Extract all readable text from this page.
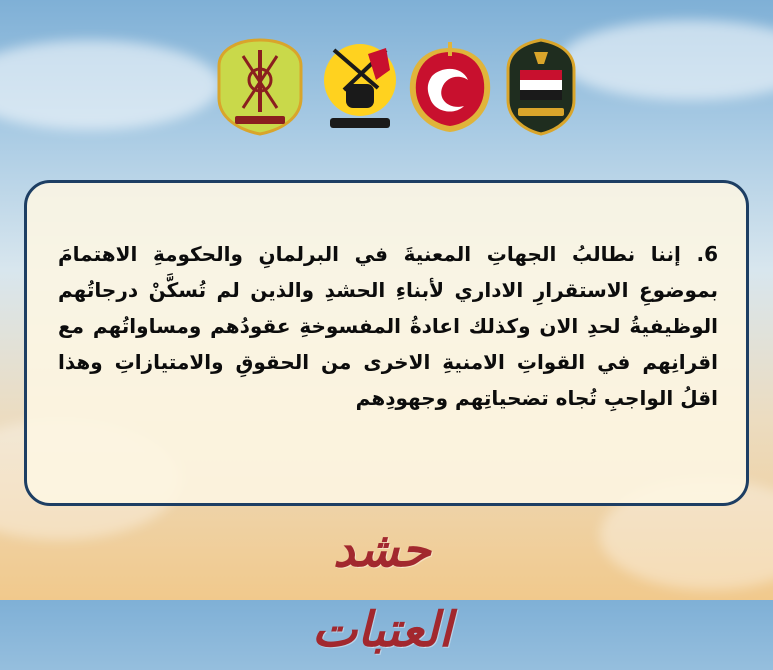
6. إننا نطالبُ الجهاتِ المعنيةَ في البرلمانِ والحكومةِ الاهتمامَ بموضوعِ الاستقرارِ الاداري لأبناءِ الحشدِ والذين لم تُسكَّنْ درجاتُهم الوظيفيةُ لحدِ الان وكذلك اعادةُ المفسوخةِ عقودُهم ومساواتُهم مع اقرانِهم في القواتِ الامنيةِ الاخرى من الحقوقِ والامتيازاتِ وهذا اقلُ الواجبِ تُجاه تضحياتِهم وجهودِهم

حشد العتبات
